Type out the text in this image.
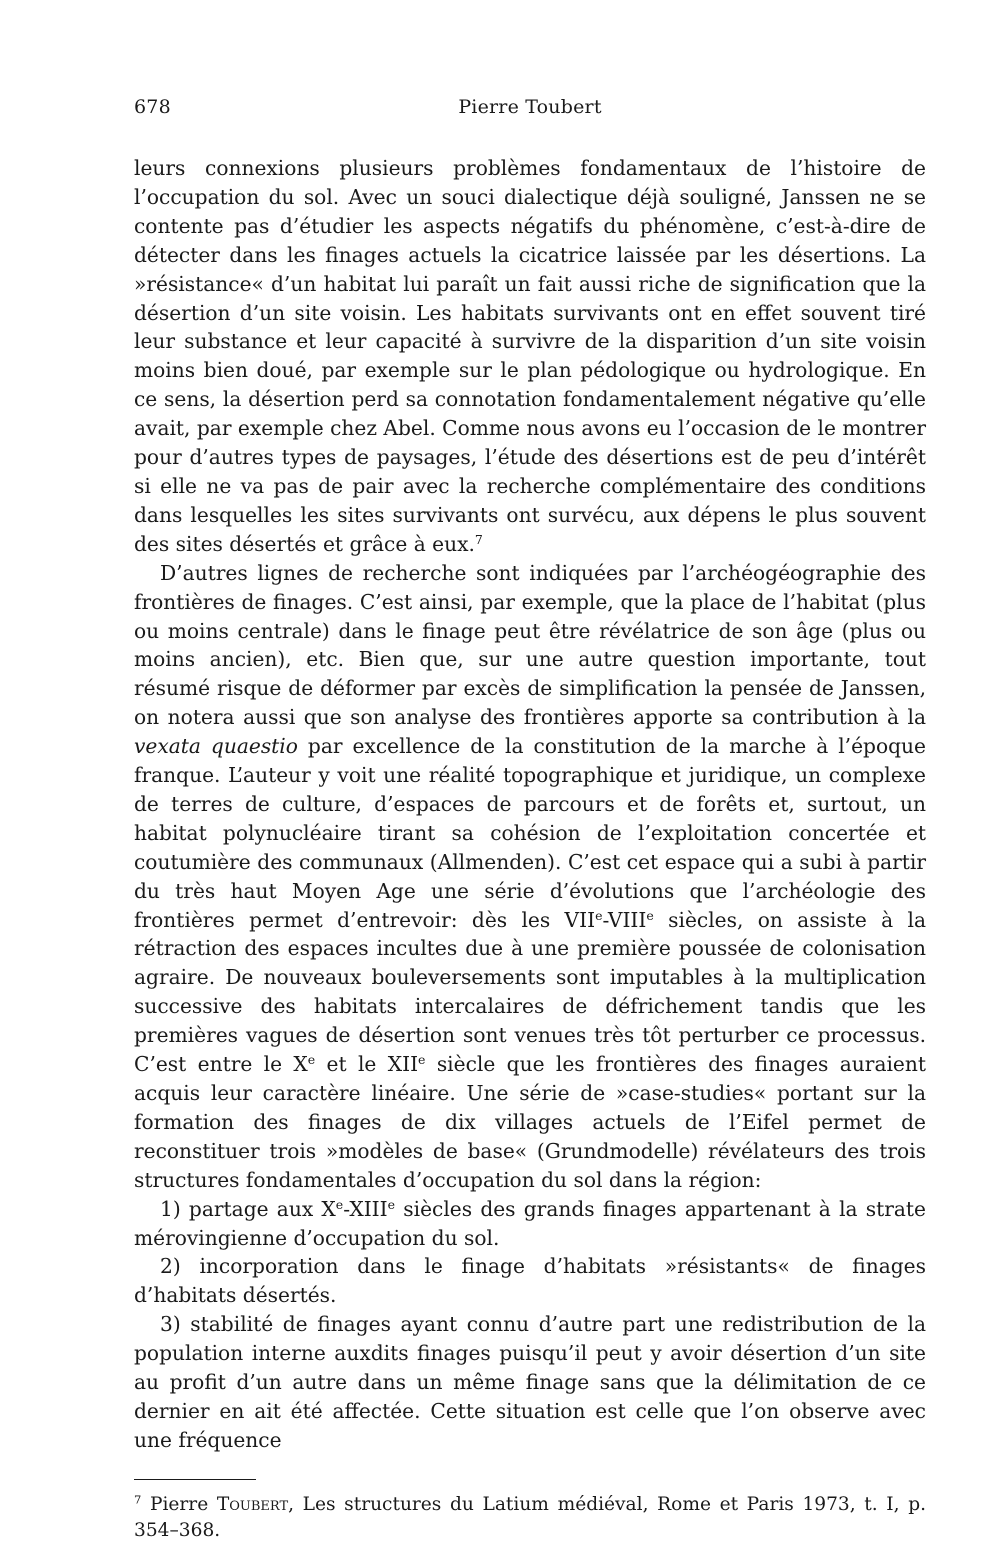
678	Pierre Toubert

leurs connexions plusieurs problèmes fondamentaux de l’histoire de l’occupation du sol. Avec un souci dialectique déjà souligné, Janssen ne se contente pas d’étudier les aspects négatifs du phénomène, c’est-à-dire de détecter dans les finages actuels la cicatrice laissée par les désertions. La »résistance« d’un habitat lui paraît un fait aussi riche de signification que la désertion d’un site voisin. Les habitats survivants ont en effet souvent tiré leur substance et leur capacité à survivre de la disparition d’un site voisin moins bien doué, par exemple sur le plan pédologique ou hydrologique. En ce sens, la désertion perd sa connotation fondamentalement négative qu’elle avait, par exemple chez Abel. Comme nous avons eu l’occasion de le montrer pour d’autres types de paysages, l’étude des désertions est de peu d’intérêt si elle ne va pas de pair avec la recherche complémentaire des conditions dans lesquelles les sites survivants ont survécu, aux dépens le plus souvent des sites désertés et grâce à eux.$^7$

D’autres lignes de recherche sont indiquées par l’archéogéographie des frontières de finages. C’est ainsi, par exemple, que la place de l’habitat (plus ou moins centrale) dans le finage peut être révélatrice de son âge (plus ou moins ancien), etc. Bien que, sur une autre question importante, tout résumé risque de déformer par excès de simplification la pensée de Janssen, on notera aussi que son analyse des frontières apporte sa contribution à la vexata quaestio par excellence de la constitution de la marche à l’époque franque. L’auteur y voit une réalité topographique et juridique, un complexe de terres de culture, d’espaces de parcours et de forêts et, surtout, un habitat polynucléaire tirant sa cohésion de l’exploitation concertée et coutumière des communaux (Allmenden). C’est cet espace qui a subi à partir du très haut Moyen Age une série d’évolutions que l’archéologie des frontières permet d’entrevoir: dès les VIIe-VIIIe siècles, on assiste à la rétraction des espaces incultes due à une première poussée de colonisation agraire. De nouveaux bouleversements sont imputables à la multiplication successive des habitats intercalaires de défrichement tandis que les premières vagues de désertion sont venues très tôt perturber ce processus. C’est entre le Xe et le XIIe siècle que les frontières des finages auraient acquis leur caractère linéaire. Une série de »case-studies« portant sur la formation des finages de dix villages actuels de l’Eifel permet de reconstituer trois »modèles de base« (Grundmodelle) révélateurs des trois structures fondamentales d’occupation du sol dans la région:

1) partage aux Xe-XIIIe siècles des grands finages appartenant à la strate mérovingienne d’occupation du sol.

2) incorporation dans le finage d’habitats »résistants« de finages d’habitats désertés.

3) stabilité de finages ayant connu d’autre part une redistribution de la population interne auxdits finages puisqu’il peut y avoir désertion d’un site au profit d’un autre dans un même finage sans que la délimitation de ce dernier en ait été affectée. Cette situation est celle que l’on observe avec une fréquence

$^7$ Pierre Toubert, Les structures du Latium médiéval, Rome et Paris 1973, t. I, p. 354–368.
